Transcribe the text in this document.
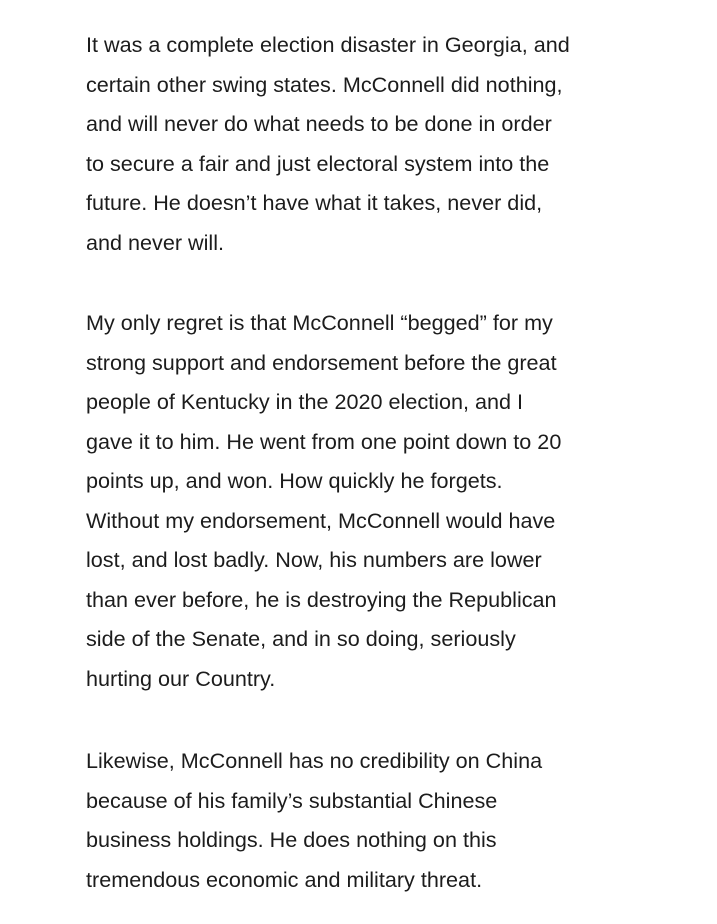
It was a complete election disaster in Georgia, and
certain other swing states. McConnell did nothing,
and will never do what needs to be done in order
to secure a fair and just electoral system into the
future. He doesn’t have what it takes, never did,
and never will.
My only regret is that McConnell “begged” for my
strong support and endorsement before the great
people of Kentucky in the 2020 election, and I
gave it to him. He went from one point down to 20
points up, and won. How quickly he forgets.
Without my endorsement, McConnell would have
lost, and lost badly. Now, his numbers are lower
than ever before, he is destroying the Republican
side of the Senate, and in so doing, seriously
hurting our Country.
Likewise, McConnell has no credibility on China
because of his family’s substantial Chinese
business holdings. He does nothing on this
tremendous economic and military threat.
